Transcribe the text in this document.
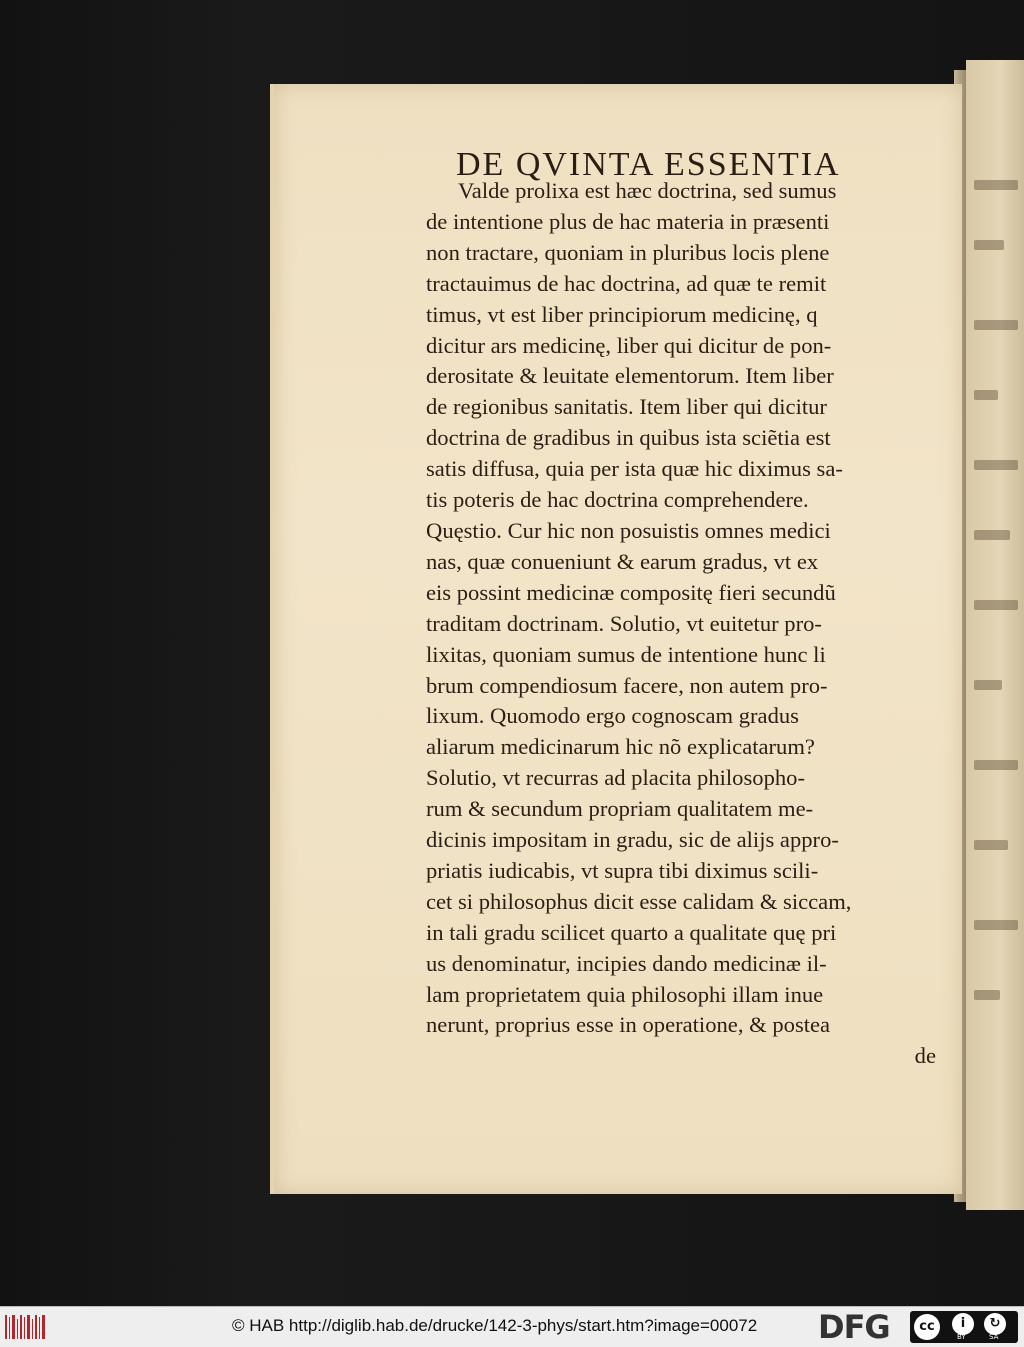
DE QVINTA ESSENTIA
Valde prolixa est hæc doctrina, sed sumus
de intentione plus de hac materia in præsenti
non tractare, quoniam in pluribus locis plene
tractauimus de hac doctrina, ad quæ te remit
timus, vt est liber principiorum medicinę, q
dicitur ars medicinę, liber qui dicitur de pon-
derositate & leuitate elementorum. Item liber
de regionibus sanitatis. Item liber qui dicitur
doctrina de gradibus in quibus ista sciẽtia est
satis diffusa, quia per ista quæ hic diximus sa-
tis poteris de hac doctrina comprehendere.
Quęstio. Cur hic non posuistis omnes medici
nas, quæ conueniunt & earum gradus, vt ex
eis possint medicinæ compositę fieri secundũ
traditam doctrinam. Solutio, vt euitetur pro-
lixitas, quoniam sumus de intentione hunc li
brum compendiosum facere, non autem pro-
lixum. Quomodo ergo cognoscam gradus
aliarum medicinarum hic nõ explicatarum?
Solutio, vt recurras ad placita philosopho-
rum & secundum propriam qualitatem me-
dicinis impositam in gradu, sic de alijs appro-
priatis iudicabis, vt supra tibi diximus scili-
cet si philosophus dicit esse calidam & siccam,
in tali gradu scilicet quarto a qualitate quę pri
us denominatur, incipies dando medicinæ il-
lam proprietatem quia philosophi illam inue
nerunt, proprius esse in operatione, & postea
de
© HAB http://diglib.hab.de/drucke/142-3-phys/start.htm?image=00072 DFG	cc	i	↻
BY	SA
